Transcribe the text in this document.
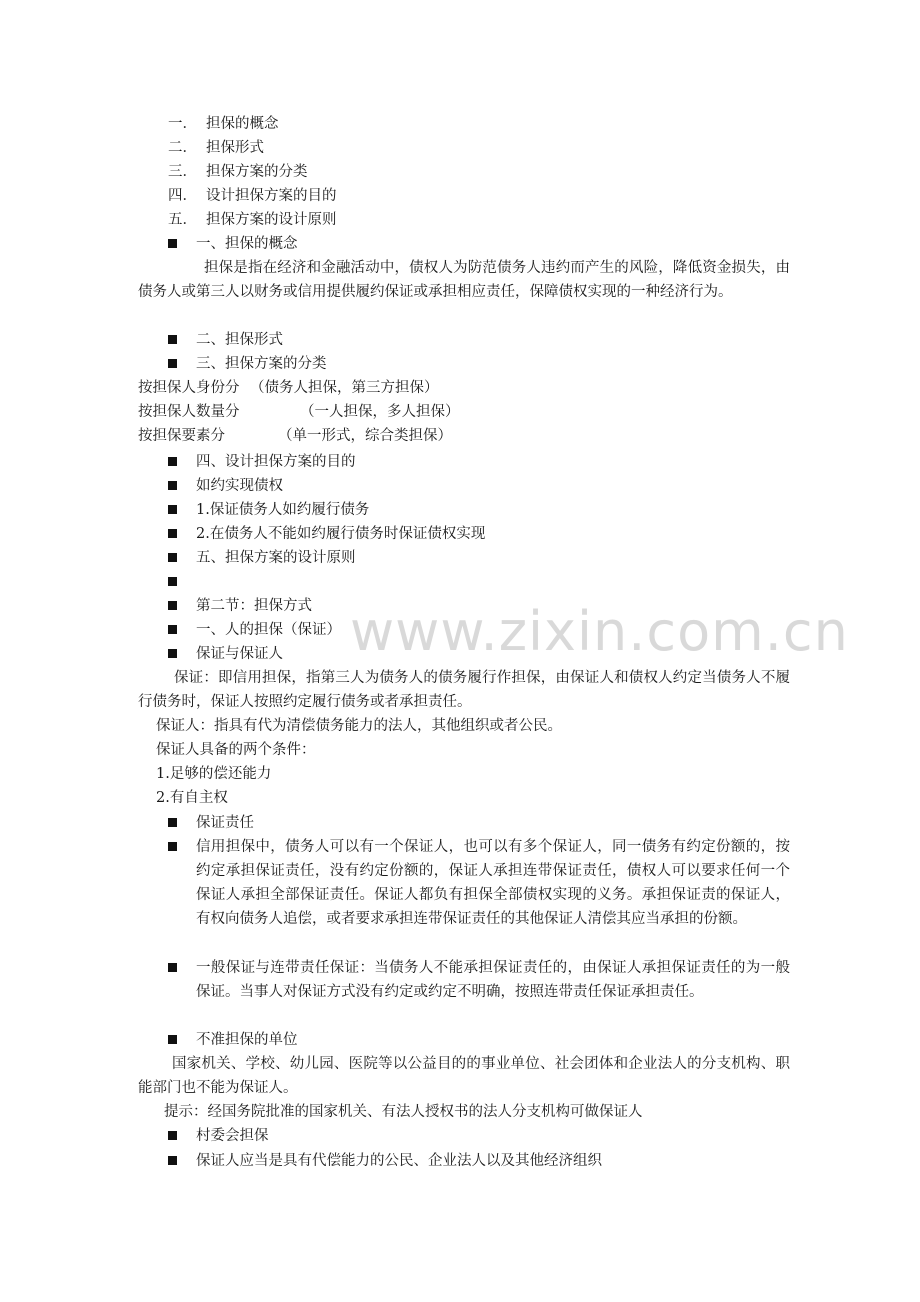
一． 担保的概念
二． 担保形式
三． 担保方案的分类
四． 设计担保方案的目的
五． 担保方案的设计原则
一、担保的概念
担保是指在经济和金融活动中，债权人为防范债务人违约而产生的风险，降低资金损失，由债务人或第三人以财务或信用提供履约保证或承担相应责任，保障债权实现的一种经济行为。
二、担保形式
三、担保方案的分类
按担保人身份分 （债务人担保，第三方担保）
按担保人数量分	（一人担保，多人担保）
按担保要素分	（单一形式，综合类担保）
四、设计担保方案的目的
如约实现债权
1.保证债务人如约履行债务
2.在债务人不能如约履行债务时保证债权实现
五、担保方案的设计原则
第二节：担保方式
一、人的担保（保证）
保证与保证人
保证：即信用担保，指第三人为债务人的债务履行作担保，由保证人和债权人约定当债务人不履行债务时，保证人按照约定履行债务或者承担责任。
保证人：指具有代为清偿债务能力的法人，其他组织或者公民。
保证人具备的两个条件：
1.足够的偿还能力
2.有自主权
保证责任
信用担保中，债务人可以有一个保证人，也可以有多个保证人，同一债务有约定份额的，按约定承担保证责任，没有约定份额的，保证人承担连带保证责任，债权人可以要求任何一个保证人承担全部保证责任。保证人都负有担保全部债权实现的义务。承担保证责的保证人，有权向债务人追偿，或者要求承担连带保证责任的其他保证人清偿其应当承担的份额。
一般保证与连带责任保证：当债务人不能承担保证责任的，由保证人承担保证责任的为一般保证。当事人对保证方式没有约定或约定不明确，按照连带责任保证承担责任。
不准担保的单位
国家机关、学校、幼儿园、医院等以公益目的的事业单位、社会团体和企业法人的分支机构、职能部门也不能为保证人。
提示：经国务院批准的国家机关、有法人授权书的法人分支机构可做保证人
村委会担保
保证人应当是具有代偿能力的公民、企业法人以及其他经济组织
www.zixin.com.cn
